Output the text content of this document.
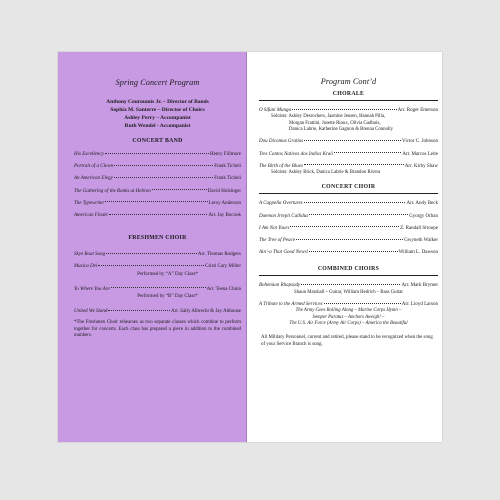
Spring Concert Program
Anthony Couroumis Jr. – Director of Bands
Sophia M. Santerre – Director of Choirs
Ashley Perry – Accompanist
Ruth Wendel - Accompanist
CONCERT BAND
His Excellency	Henry Fillmore
Portrait of a Clown	Frank Ticheli
An American Elegy	Frank Ticheli
The Gathering of the Ranks at Hebron	David Holsinger
The Typewriter	Leroy Anderson
American Finale	Arr. Jay Bocook
FRESHMEN CHOIR
Skye Boat Song	Arr. Thomas Rodgers
Musica Dei	Cristi Cary Miller
Performed by “A” Day Class*
To Where You Are	Arr. Teena Chinn
Performed by “B” Day Class*
United We Stand	Arr. Sally Albrecht & Jay Althouse
*The Freshmen Choir rehearses as two separate classes which combine to perform together for concerts. Each class has prepared a piece in addition to the combined numbers.
Program Cont’d
CHORALE
O Sifuni Mungu	Arr. Roger Emerson
Soloists: Ashley Desrochers, Jasmine Jensen, Hannah Pilla,
Morgan Frattini, Josette Rioux, Olivia Gadbois,
Danica Labrie, Katherine Gagnon & Brenna Connolly
Dou Dicamus Gratias	Victor C. Johnson
Tres Cantos Nativos dos Indios Kraô	Arr. Marcos Leite
The Birth of the Blues	Arr. Kirby Shaw
Soloists: Ashley Brick, Danica Labrie & Brandon Rivera
CONCERT CHOIR
A Cappella Overtures	Arr. Andy Beck
Daemon Irrepit Callidus	Gyorgy Orban
I Am Not Yours	Z. Randall Stroope
The Tree of Peace	Gwyneth Walker
Ain’-a That Good News!	William L. Dawson
COMBINED CHOIRS
Bohemian Rhapsody	Arr. Mark Brymer
Shaun Marshall – Guitar, William Hedrich – Bass Guitar
A Tribute to the Armed Services	Arr. Lloyd Larson
The Army Goes Rolling Along – Marine Corps Hymn –
Semper Paratus – Anchors Aweigh! –
The U.S. Air Force (Army Air Corps) – America the Beautiful
All Military Personnel, current and retired, please stand to be recognized when the song of your Service Branch is sung.
